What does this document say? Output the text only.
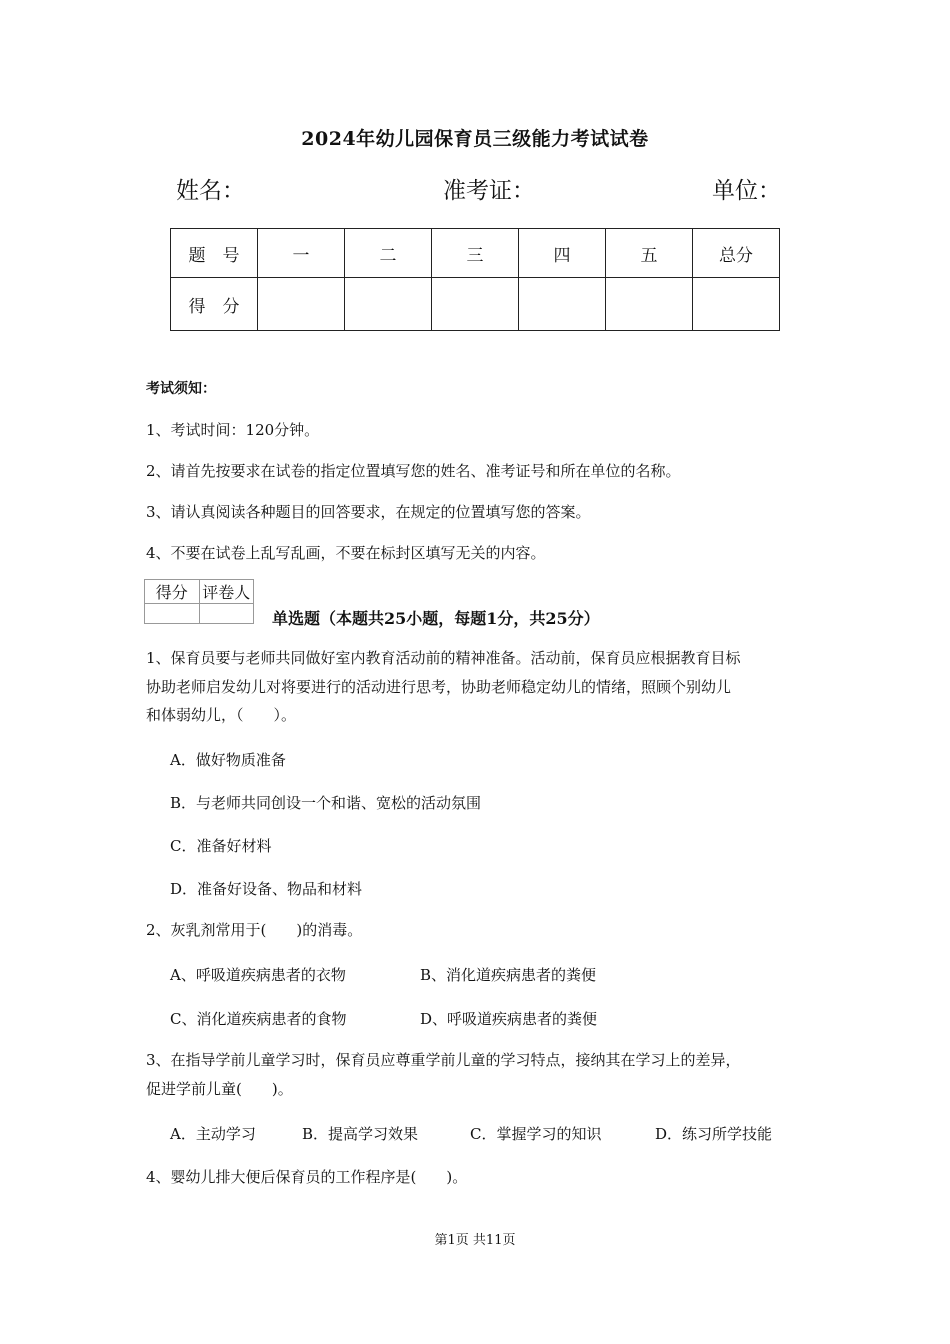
2024年幼儿园保育员三级能力考试试卷
姓名：	准考证：	单位：
题　号	一	二	三	四	五	总分
得　分						
考试须知：
1、考试时间：120分钟。
2、请首先按要求在试卷的指定位置填写您的姓名、准考证号和所在单位的名称。
3、请认真阅读各种题目的回答要求，在规定的位置填写您的答案。
4、不要在试卷上乱写乱画，不要在标封区填写无关的内容。
得分	评卷人

单选题（本题共25小题，每题1分，共25分）
1、保育员要与老师共同做好室内教育活动前的精神准备。活动前，保育员应根据教育目标
协助老师启发幼儿对将要进行的活动进行思考，协助老师稳定幼儿的情绪，照顾个别幼儿
和体弱幼儿，（　　）。
A．做好物质准备
B．与老师共同创设一个和谐、宽松的活动氛围
C．准备好材料
D．准备好设备、物品和材料
2、灰乳剂常用于(　　)的消毒。
A、呼吸道疾病患者的衣物	B、消化道疾病患者的粪便
C、消化道疾病患者的食物	D、呼吸道疾病患者的粪便
3、在指导学前儿童学习时，保育员应尊重学前儿童的学习特点，接纳其在学习上的差异，
促进学前儿童(　　)。
A．主动学习	B．提高学习效果	C．掌握学习的知识	D．练习所学技能
4、婴幼儿排大便后保育员的工作程序是(　　)。
第1页 共11页
